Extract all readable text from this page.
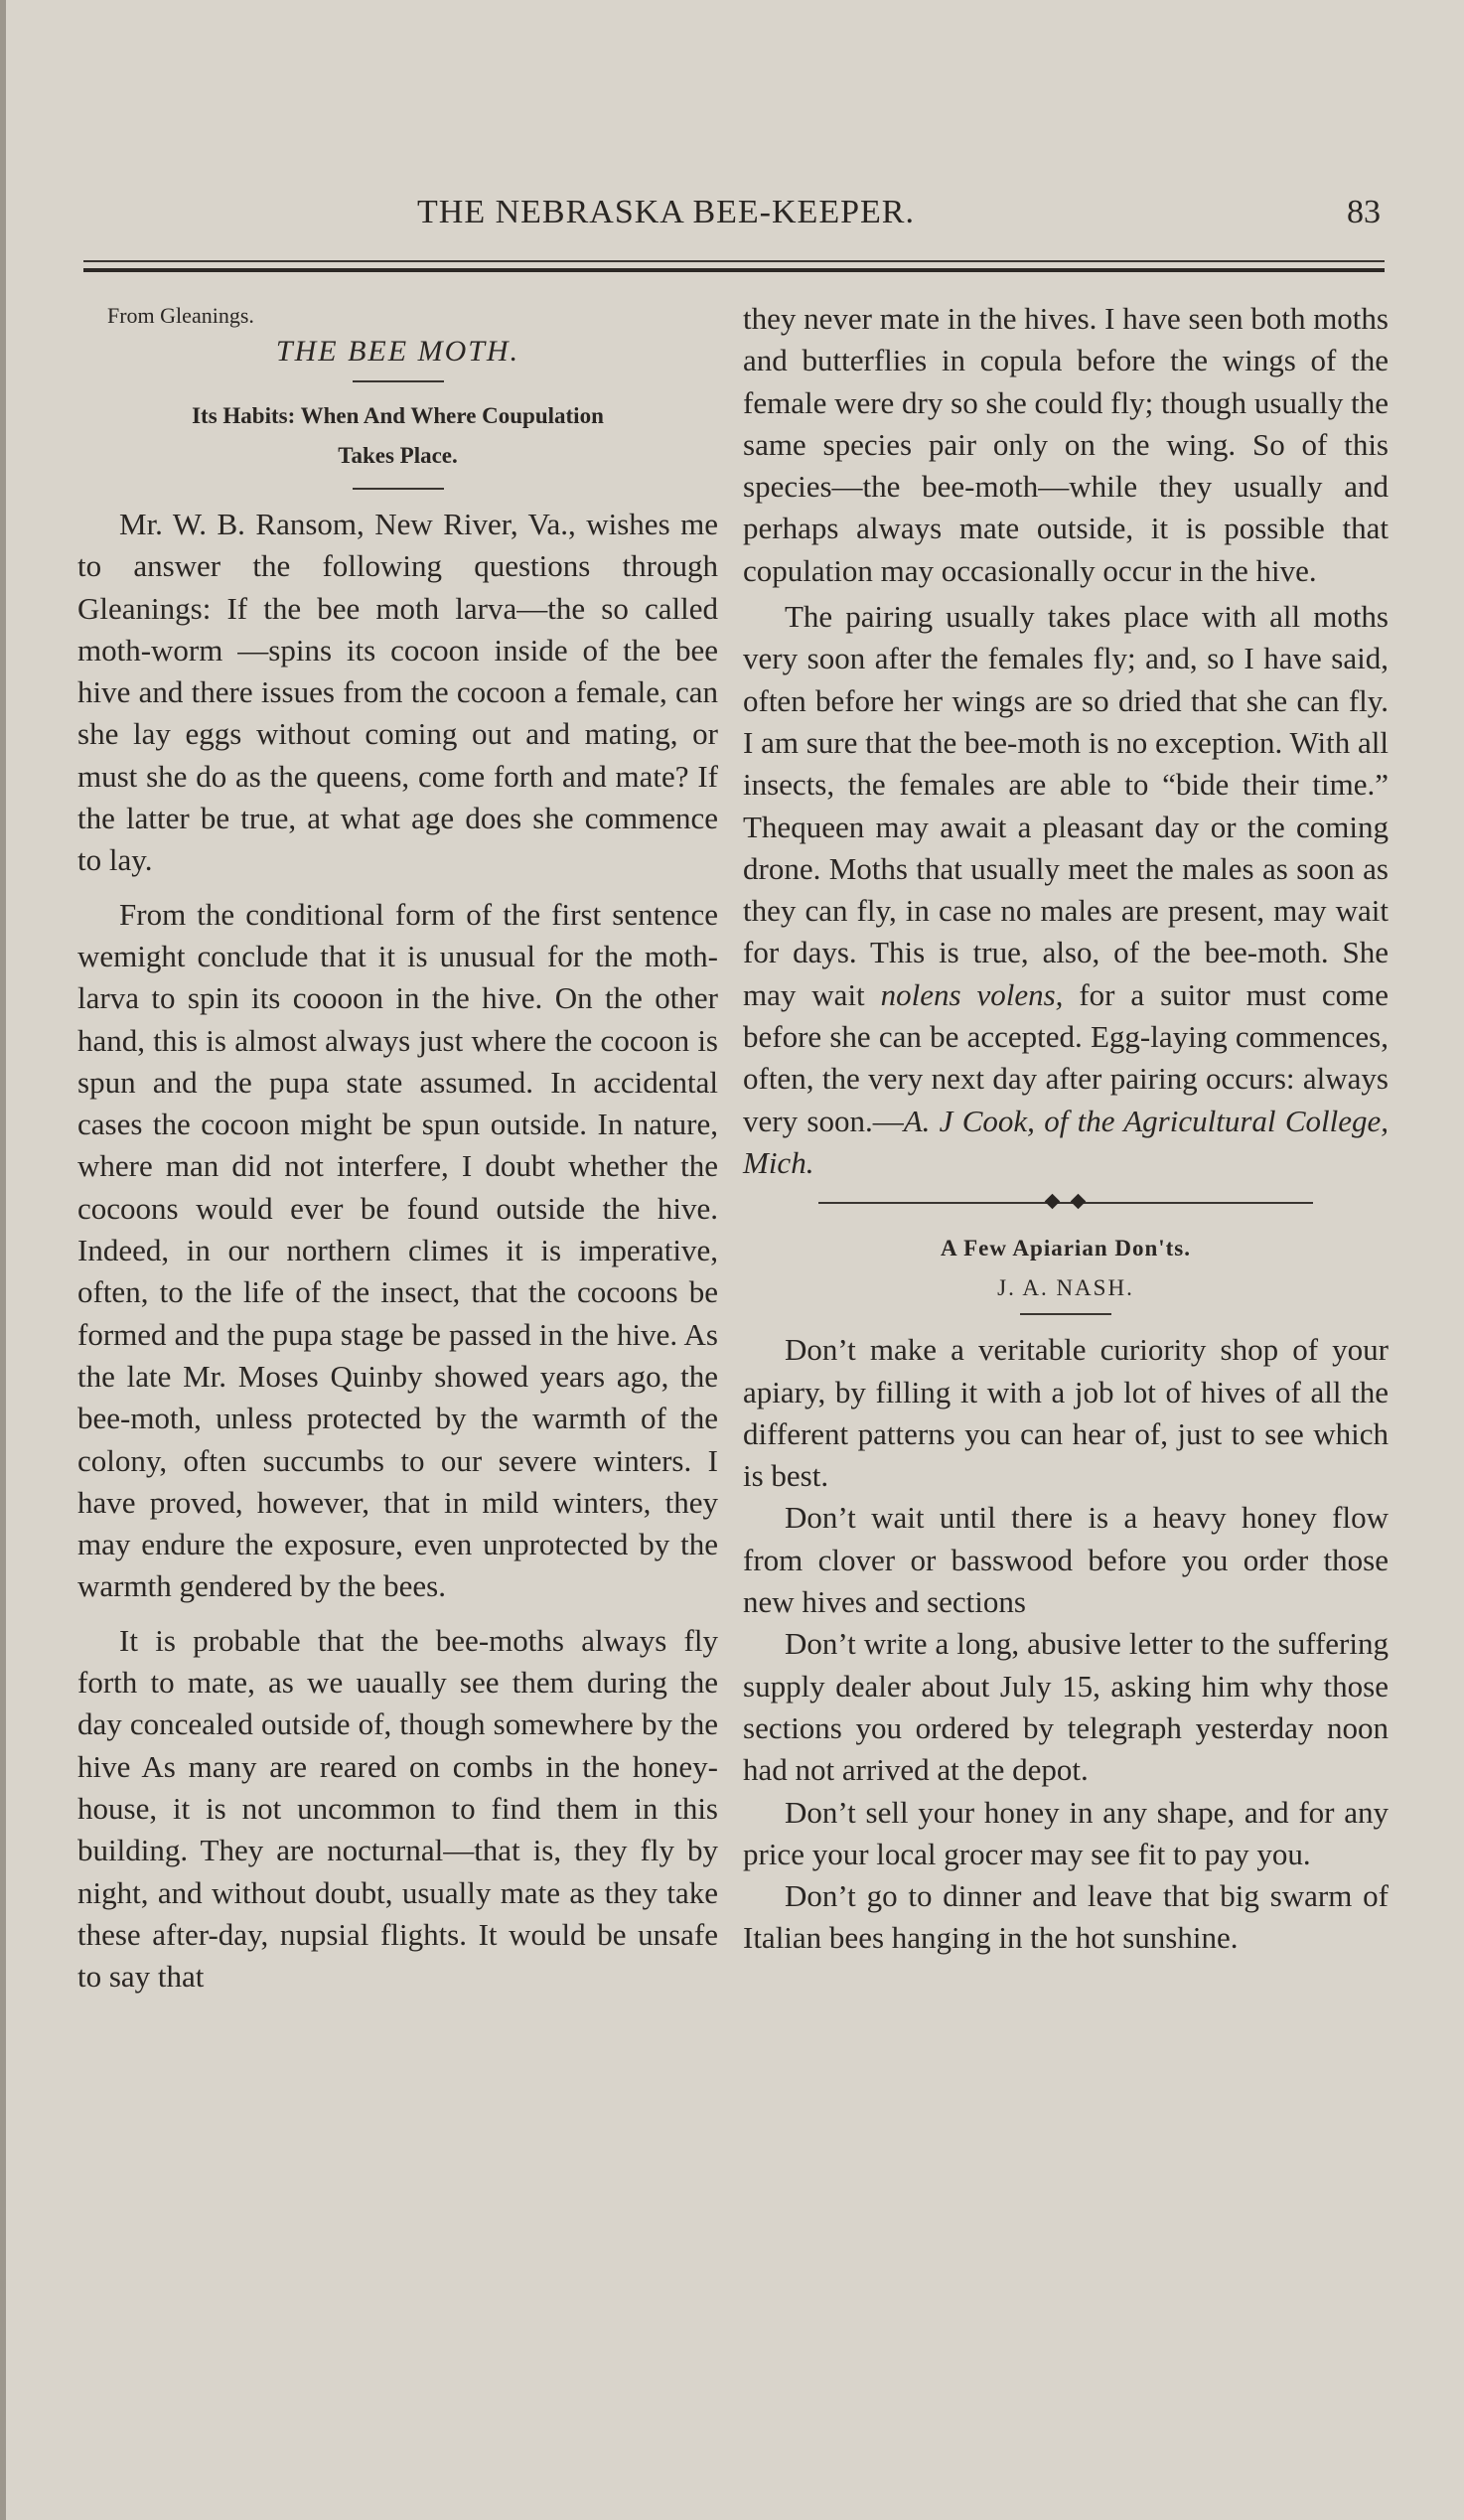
THE NEBRASKA BEE-KEEPER.	83
From Gleanings.
THE BEE MOTH.
Its Habits: When And Where Coupulation
Takes Place.

Mr. W. B. Ransom, New River, Va., wishes me to answer the following questions through Gleanings: If the bee moth larva—the so called moth-worm —spins its cocoon inside of the bee hive and there issues from the cocoon a female, can she lay eggs without coming out and mating, or must she do as the queens, come forth and mate? If the latter be true, at what age does she commence to lay.

From the conditional form of the first sentence wemight conclude that it is unusual for the moth-larva to spin its coooon in the hive. On the other hand, this is almost always just where the cocoon is spun and the pupa state assumed. In accidental cases the cocoon might be spun outside. In nature, where man did not interfere, I doubt whether the cocoons would ever be found outside the hive. Indeed, in our northern climes it is imperative, often, to the life of the insect, that the cocoons be formed and the pupa stage be passed in the hive. As the late Mr. Moses Quinby showed years ago, the bee-moth, unless protected by the warmth of the colony, often succumbs to our severe winters. I have proved, however, that in mild winters, they may endure the exposure, even unprotected by the warmth gendered by the bees.

It is probable that the bee-moths always fly forth to mate, as we uaually see them during the day concealed outside of, though somewhere by the hive As many are reared on combs in the honey-house, it is not uncommon to find them in this building. They are nocturnal—that is, they fly by night, and without doubt, usually mate as they take these after-day, nupsial flights. It would be unsafe to say that

they never mate in the hives. I have seen both moths and butterflies in copula before the wings of the female were dry so she could fly; though usually the same species pair only on the wing. So of this species—the bee-moth—while they usually and perhaps always mate outside, it is possible that copulation may occasionally occur in the hive.

The pairing usually takes place with all moths very soon after the females fly; and, so I have said, often before her wings are so dried that she can fly. I am sure that the bee-moth is no exception. With all insects, the females are able to “bide their time.” Thequeen may await a pleasant day or the coming drone. Moths that usually meet the males as soon as they can fly, in case no males are present, may wait for days. This is true, also, of the bee-moth. She may wait nolens volens, for a suitor must come before she can be accepted. Egg-laying commences, often, the very next day after pairing occurs: always very soon.—A. J Cook, of the Agricultural College, Mich.

A Few Apiarian Don'ts.
J. A. NASH.

Don’t make a veritable curiority shop of your apiary, by filling it with a job lot of hives of all the different patterns you can hear of, just to see which is best.

Don’t wait until there is a heavy honey flow from clover or basswood before you order those new hives and sections

Don’t write a long, abusive letter to the suffering supply dealer about July 15, asking him why those sections you ordered by telegraph yesterday noon had not arrived at the depot.

Don’t sell your honey in any shape, and for any price your local grocer may see fit to pay you.

Don’t go to dinner and leave that big swarm of Italian bees hanging in the hot sunshine.
